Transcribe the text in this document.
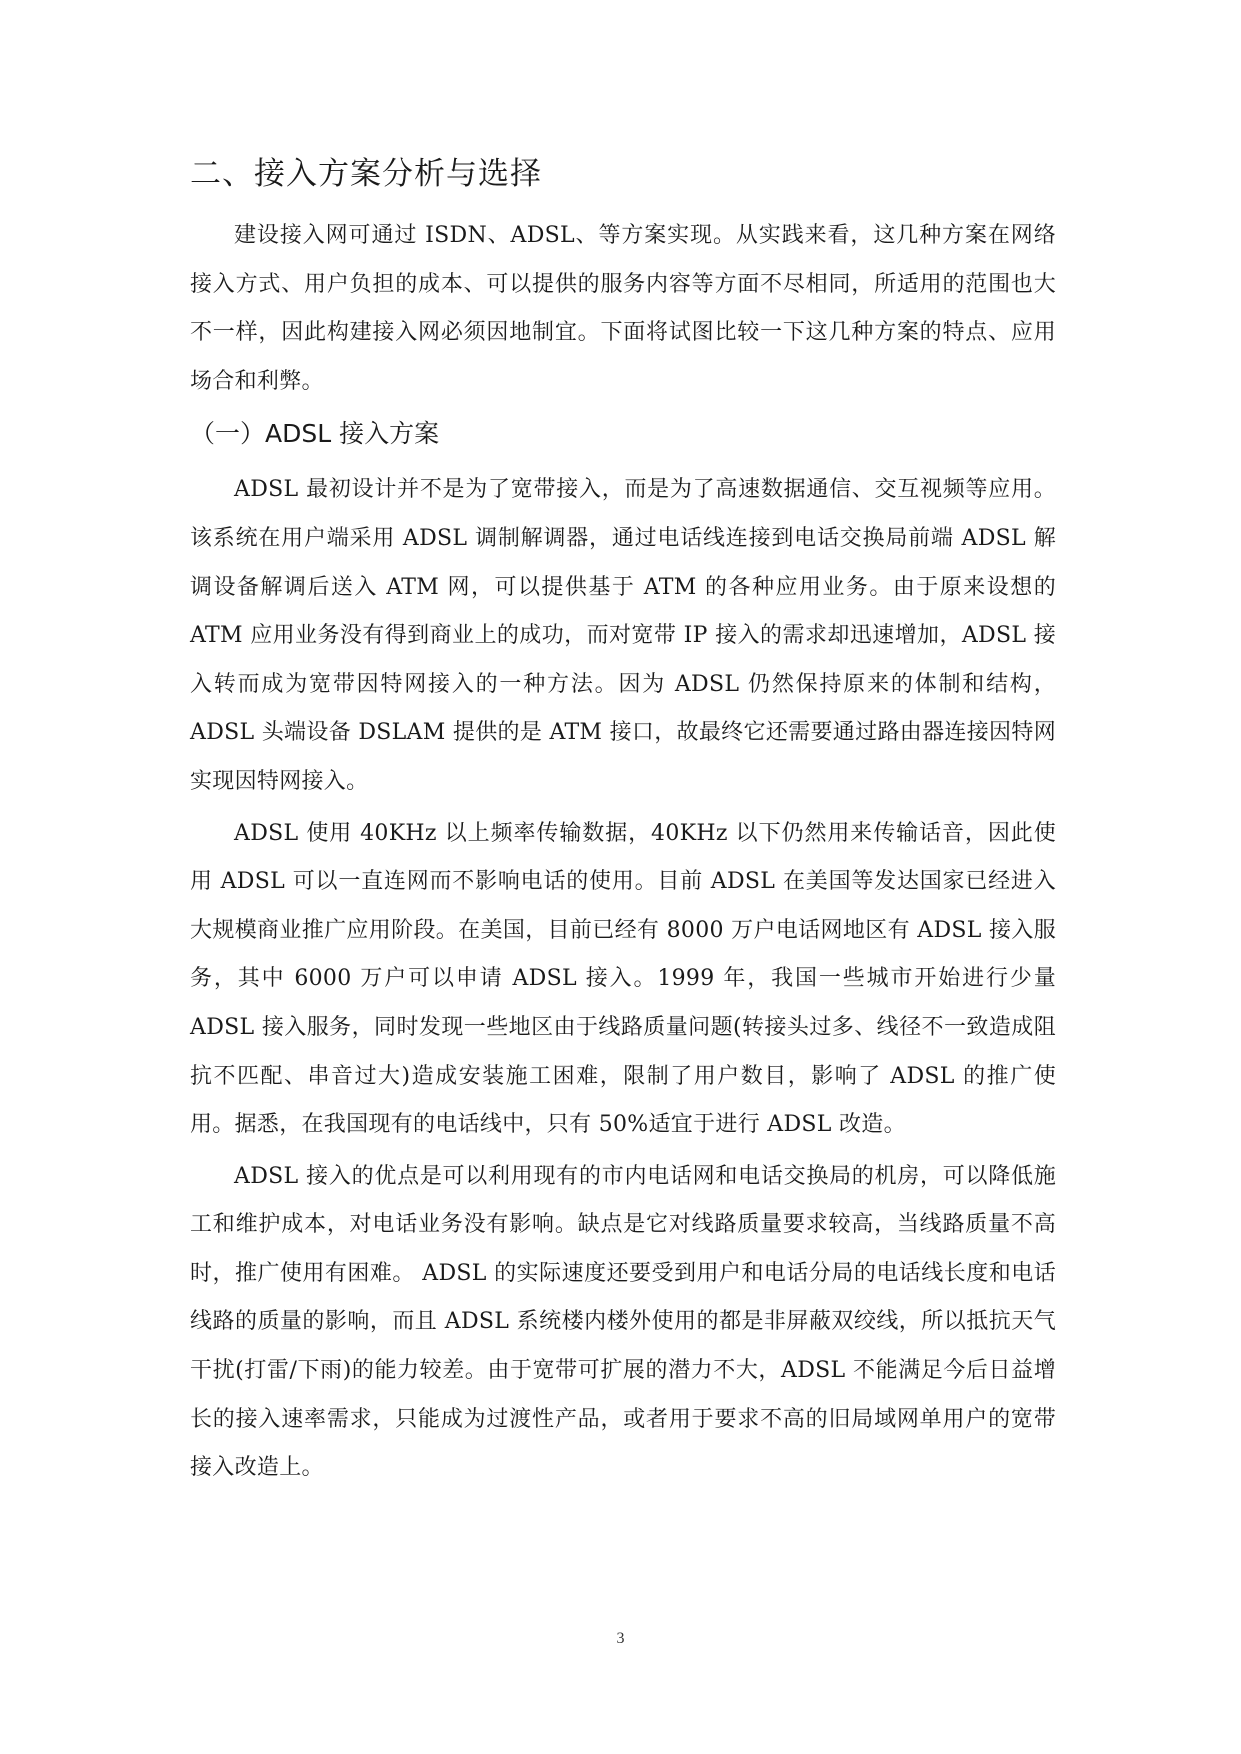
二、接入方案分析与选择

建设接入网可通过 ISDN、ADSL、等方案实现。从实践来看，这几种方案在网络接入方式、用户负担的成本、可以提供的服务内容等方面不尽相同，所适用的范围也大不一样，因此构建接入网必须因地制宜。下面将试图比较一下这几种方案的特点、应用场合和利弊。

（一）ADSL 接入方案

ADSL 最初设计并不是为了宽带接入，而是为了高速数据通信、交互视频等应用。该系统在用户端采用 ADSL 调制解调器，通过电话线连接到电话交换局前端 ADSL 解调设备解调后送入 ATM 网，可以提供基于 ATM 的各种应用业务。由于原来设想的 ATM 应用业务没有得到商业上的成功，而对宽带 IP 接入的需求却迅速增加，ADSL 接入转而成为宽带因特网接入的一种方法。因为 ADSL 仍然保持原来的体制和结构，ADSL 头端设备 DSLAM 提供的是 ATM 接口，故最终它还需要通过路由器连接因特网实现因特网接入。

ADSL 使用 40KHz 以上频率传输数据，40KHz 以下仍然用来传输话音，因此使用 ADSL 可以一直连网而不影响电话的使用。目前 ADSL 在美国等发达国家已经进入大规模商业推广应用阶段。在美国，目前已经有 8000 万户电话网地区有 ADSL 接入服务，其中 6000 万户可以申请 ADSL 接入。1999 年，我国一些城市开始进行少量 ADSL 接入服务，同时发现一些地区由于线路质量问题(转接头过多、线径不一致造成阻抗不匹配、串音过大)造成安装施工困难，限制了用户数目，影响了 ADSL 的推广使用。据悉，在我国现有的电话线中，只有 50%适宜于进行 ADSL 改造。

ADSL 接入的优点是可以利用现有的市内电话网和电话交换局的机房，可以降低施工和维护成本，对电话业务没有影响。缺点是它对线路质量要求较高，当线路质量不高时，推广使用有困难。 ADSL 的实际速度还要受到用户和电话分局的电话线长度和电话线路的质量的影响，而且 ADSL 系统楼内楼外使用的都是非屏蔽双绞线，所以抵抗天气干扰(打雷/下雨)的能力较差。由于宽带可扩展的潜力不大，ADSL 不能满足今后日益增长的接入速率需求，只能成为过渡性产品，或者用于要求不高的旧局域网单用户的宽带接入改造上。

3
